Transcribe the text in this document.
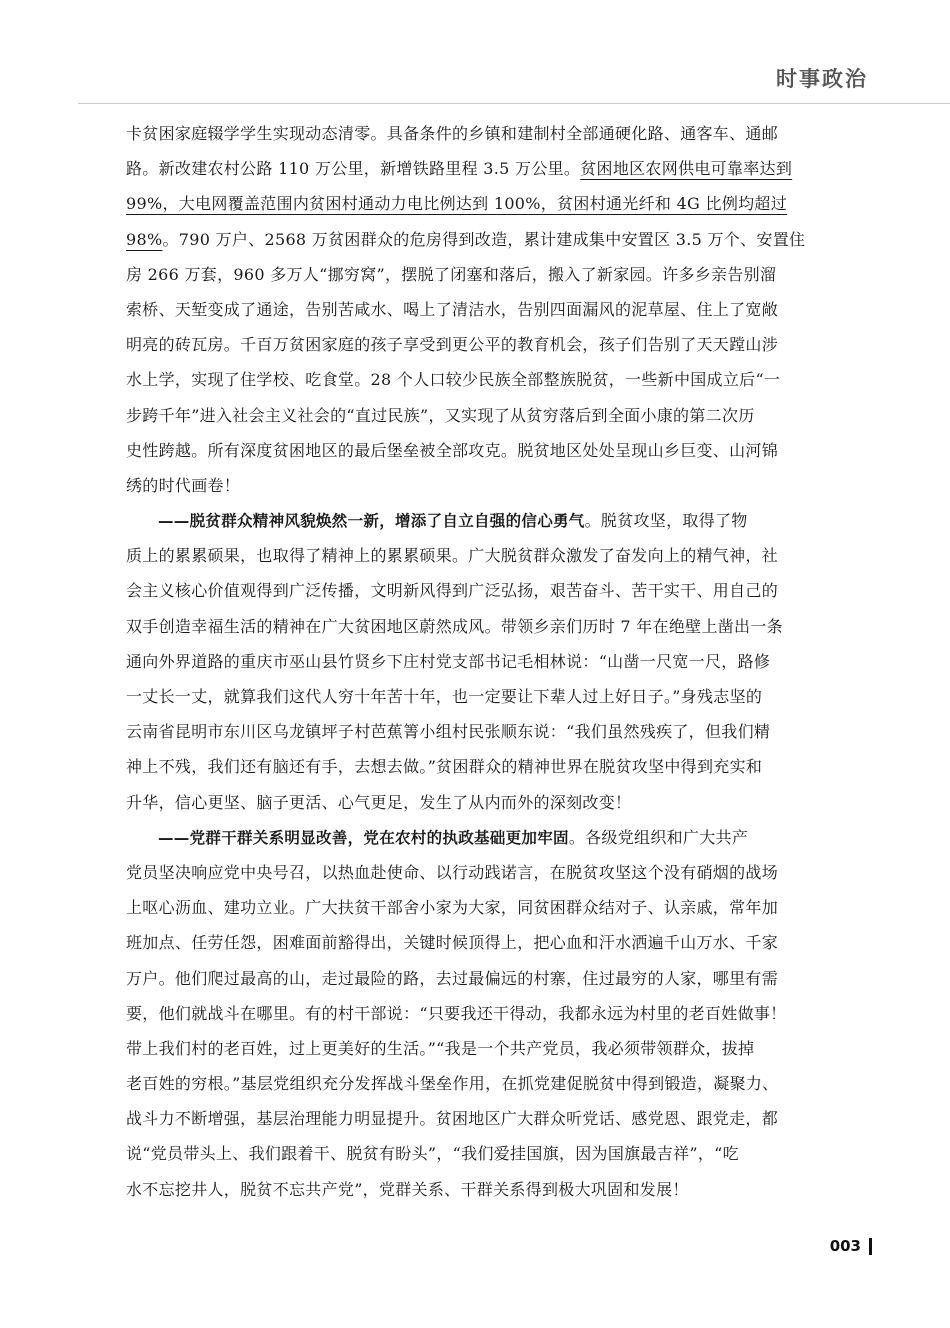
时事政治
卡贫困家庭辍学学生实现动态清零。具备条件的乡镇和建制村全部通硬化路、通客车、通邮
路。新改建农村公路 110 万公里，新增铁路里程 3.5 万公里。贫困地区农网供电可靠率达到
99%，大电网覆盖范围内贫困村通动力电比例达到 100%，贫困村通光纤和 4G 比例均超过
98%。790 万户、2568 万贫困群众的危房得到改造，累计建成集中安置区 3.5 万个、安置住
房 266 万套，960 多万人“挪穷窝”，摆脱了闭塞和落后，搬入了新家园。许多乡亲告别溜
索桥、天堑变成了通途，告别苦咸水、喝上了清洁水，告别四面漏风的泥草屋、住上了宽敞
明亮的砖瓦房。千百万贫困家庭的孩子享受到更公平的教育机会，孩子们告别了天天蹚山涉
水上学，实现了住学校、吃食堂。28 个人口较少民族全部整族脱贫，一些新中国成立后“一
步跨千年”进入社会主义社会的“直过民族”，又实现了从贫穷落后到全面小康的第二次历
史性跨越。所有深度贫困地区的最后堡垒被全部攻克。脱贫地区处处呈现山乡巨变、山河锦
绣的时代画卷！
——脱贫群众精神风貌焕然一新，增添了自立自强的信心勇气。脱贫攻坚，取得了物
质上的累累硕果，也取得了精神上的累累硕果。广大脱贫群众激发了奋发向上的精气神，社
会主义核心价值观得到广泛传播，文明新风得到广泛弘扬，艰苦奋斗、苦干实干、用自己的
双手创造幸福生活的精神在广大贫困地区蔚然成风。带领乡亲们历时 7 年在绝壁上凿出一条
通向外界道路的重庆市巫山县竹贤乡下庄村党支部书记毛相林说：“山凿一尺宽一尺，路修
一丈长一丈，就算我们这代人穷十年苦十年，也一定要让下辈人过上好日子。”身残志坚的
云南省昆明市东川区乌龙镇坪子村芭蕉箐小组村民张顺东说：“我们虽然残疾了，但我们精
神上不残，我们还有脑还有手，去想去做。”贫困群众的精神世界在脱贫攻坚中得到充实和
升华，信心更坚、脑子更活、心气更足，发生了从内而外的深刻改变！
——党群干群关系明显改善，党在农村的执政基础更加牢固。各级党组织和广大共产
党员坚决响应党中央号召，以热血赴使命、以行动践诺言，在脱贫攻坚这个没有硝烟的战场
上呕心沥血、建功立业。广大扶贫干部舍小家为大家，同贫困群众结对子、认亲戚，常年加
班加点、任劳任怨，困难面前豁得出，关键时候顶得上，把心血和汗水洒遍千山万水、千家
万户。他们爬过最高的山，走过最险的路，去过最偏远的村寨，住过最穷的人家，哪里有需
要，他们就战斗在哪里。有的村干部说：“只要我还干得动，我都永远为村里的老百姓做事！
带上我们村的老百姓，过上更美好的生活。”“我是一个共产党员，我必须带领群众，拔掉
老百姓的穷根。”基层党组织充分发挥战斗堡垒作用，在抓党建促脱贫中得到锻造，凝聚力、
战斗力不断增强，基层治理能力明显提升。贫困地区广大群众听党话、感党恩、跟党走，都
说“党员带头上、我们跟着干、脱贫有盼头”，“我们爱挂国旗，因为国旗最吉祥”，“吃
水不忘挖井人，脱贫不忘共产党”，党群关系、干群关系得到极大巩固和发展！
003
